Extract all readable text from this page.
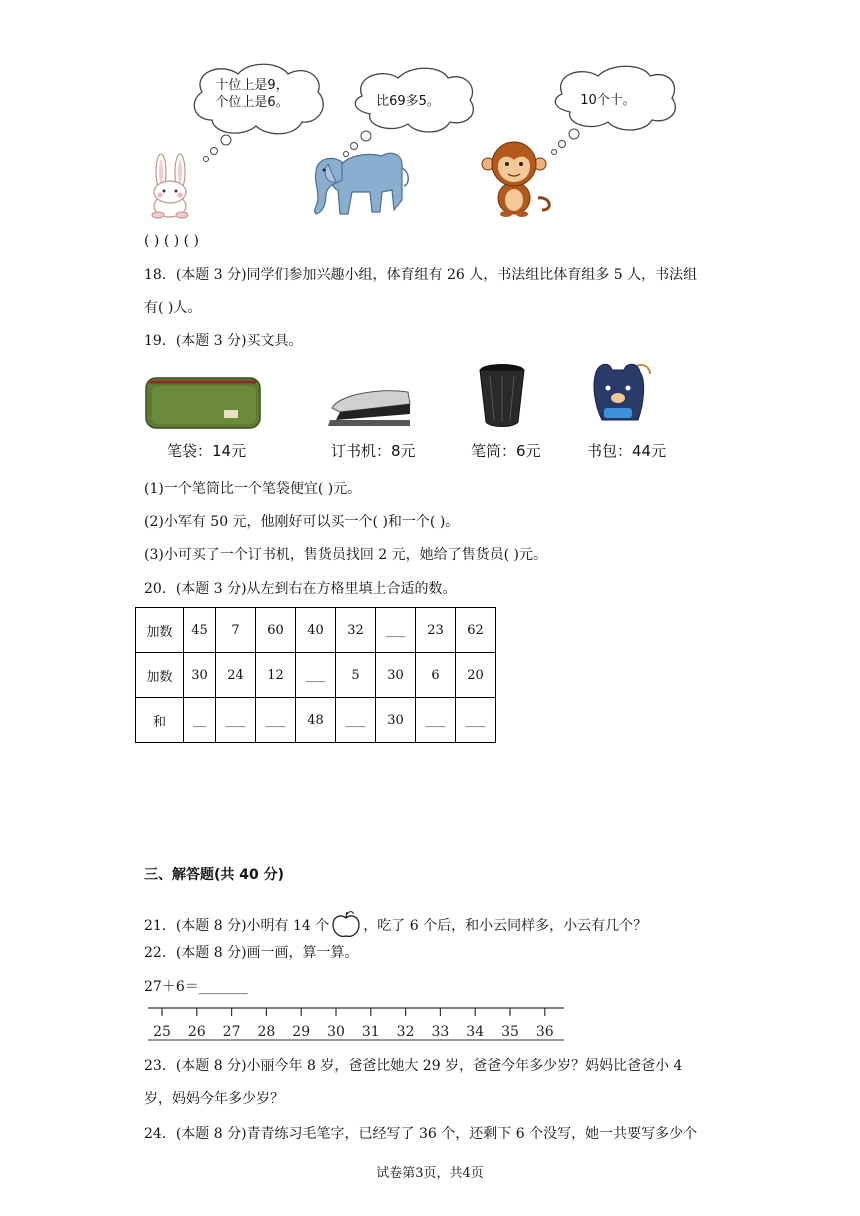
十位上是9，
个位上是6。	比69多5。	10个十。
( ) ( ) ( )
18．(本题 3 分)同学们参加兴趣小组，体育组有 26 人，书法组比体育组多 5 人，书法组
有( )人。
19．(本题 3 分)买文具。
笔袋：14元	订书机：8元	笔筒：6元	书包：44元
(1)一个笔筒比一个笔袋便宜( )元。
(2)小军有 50 元，他刚好可以买一个( )和一个( )。
(3)小可买了一个订书机，售货员找回 2 元，她给了售货员( )元。
20．(本题 3 分)从左到右在方格里填上合适的数。
加数	45	7	60	40	32	___	23	62
加数	30	24	12	___	5	30	6	20
和	__	___	___	48	___	30	___	___
三、解答题(共 40 分)
21．(本题 8 分)小明有 14 个 ，吃了 6 个后，和小云同样多，小云有几个？
22．(本题 8 分)画一画，算一算。
27＋6＝_______
25 26 27 28 29 30 31 32 33 34 35 36
23．(本题 8 分)小丽今年 8 岁，爸爸比她大 29 岁，爸爸今年多少岁？妈妈比爸爸小 4
岁，妈妈今年多少岁？
24．(本题 8 分)青青练习毛笔字，已经写了 36 个，还剩下 6 个没写，她一共要写多少个
试卷第3页，共4页
